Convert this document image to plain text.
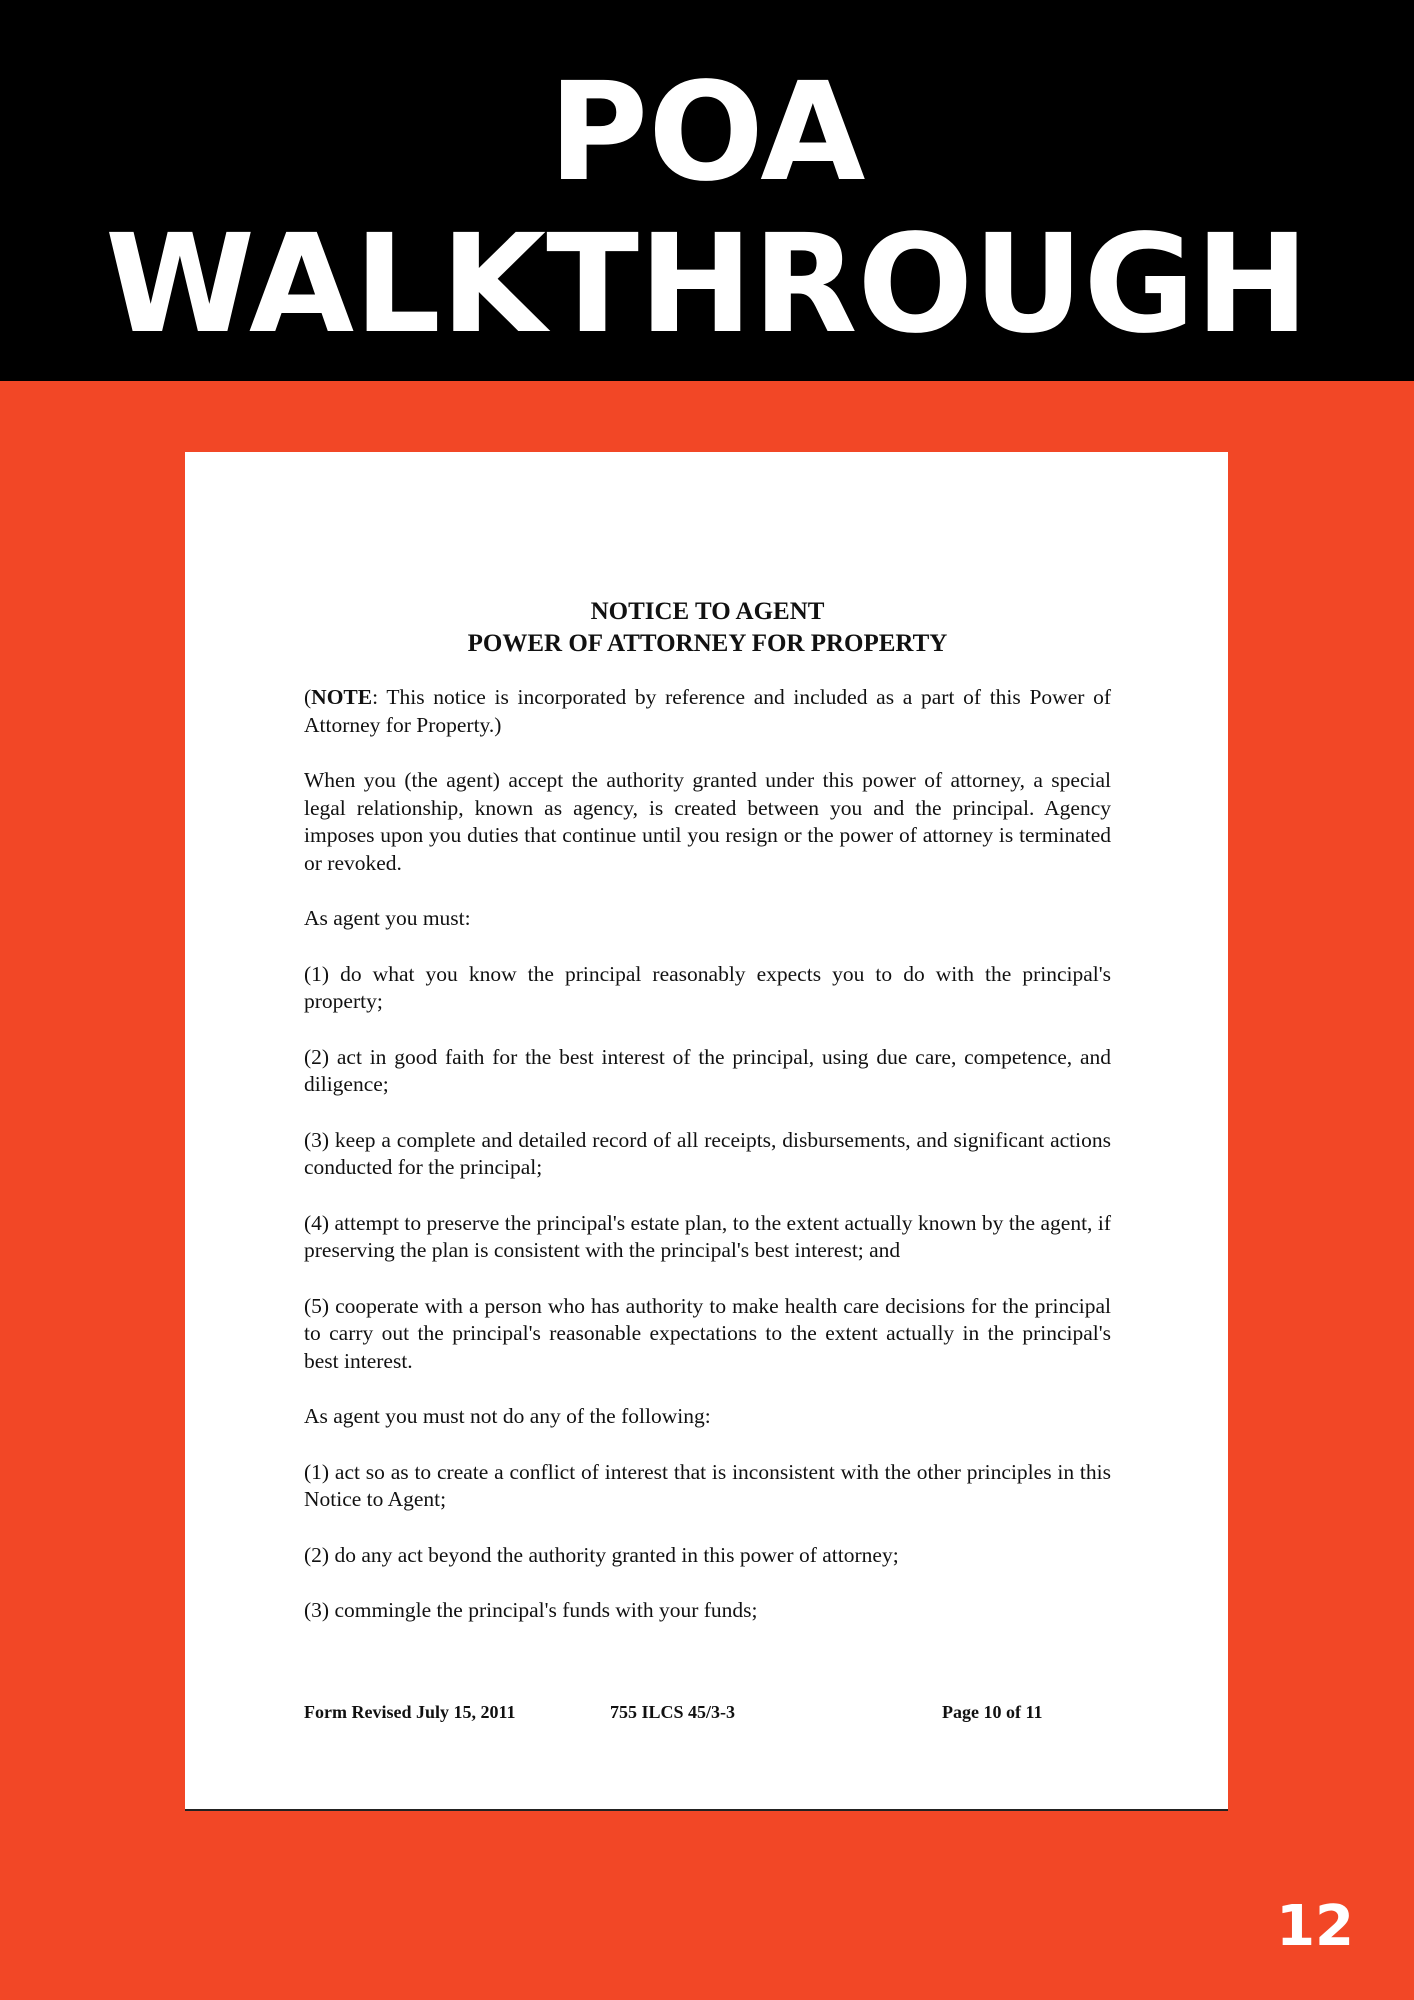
POA
WALKTHROUGH
NOTICE TO AGENT
POWER OF ATTORNEY FOR PROPERTY

(NOTE: This notice is incorporated by reference and included as a part of this Power of Attorney for Property.)

When you (the agent) accept the authority granted under this power of attorney, a special legal relationship, known as agency, is created between you and the principal. Agency imposes upon you duties that continue until you resign or the power of attorney is terminated or revoked.

As agent you must:

(1) do what you know the principal reasonably expects you to do with the principal's property;

(2) act in good faith for the best interest of the principal, using due care, competence, and diligence;

(3) keep a complete and detailed record of all receipts, disbursements, and significant actions conducted for the principal;

(4) attempt to preserve the principal's estate plan, to the extent actually known by the agent, if preserving the plan is consistent with the principal's best interest; and

(5) cooperate with a person who has authority to make health care decisions for the principal to carry out the principal's reasonable expectations to the extent actually in the principal's best interest.

As agent you must not do any of the following:

(1) act so as to create a conflict of interest that is inconsistent with the other principles in this Notice to Agent;

(2) do any act beyond the authority granted in this power of attorney;

(3) commingle the principal's funds with your funds;

Form Revised July 15, 2011	755 ILCS 45/3-3	Page 10 of 11
12
